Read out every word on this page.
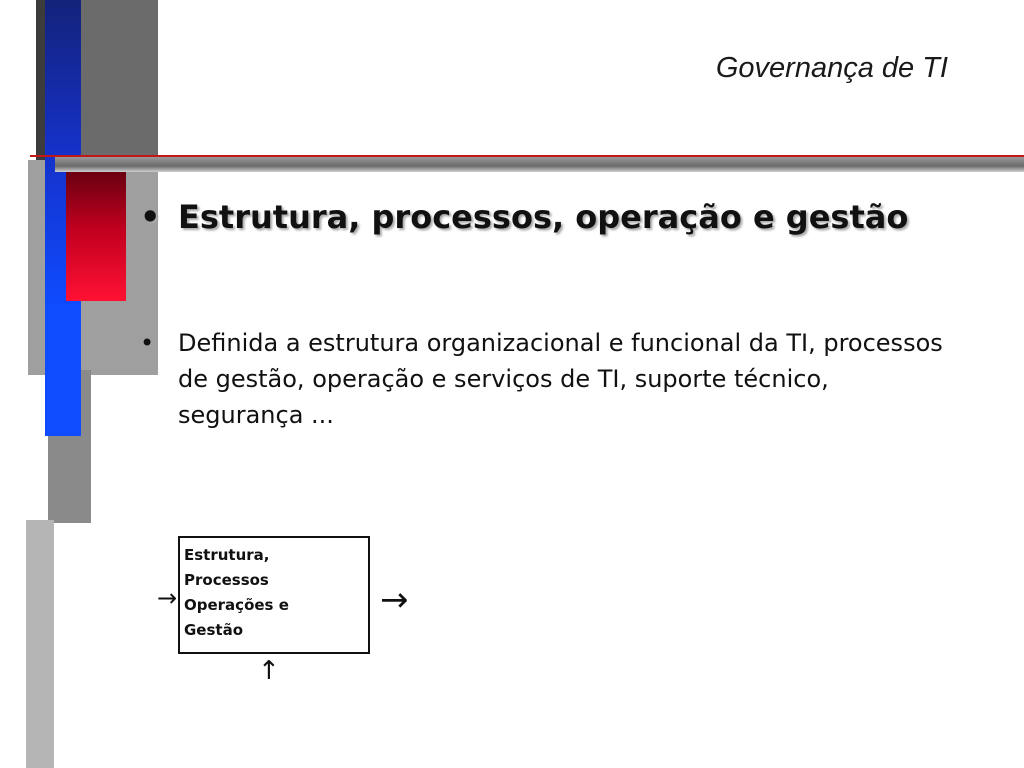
Governança de TI
• Estrutura, processos, operação e gestão
• Definida a estrutura organizacional e funcional da TI, processos de gestão, operação e serviços de TI, suporte técnico, segurança ...
Estrutura,
Processos
Operações e
Gestão
→	→
↑
